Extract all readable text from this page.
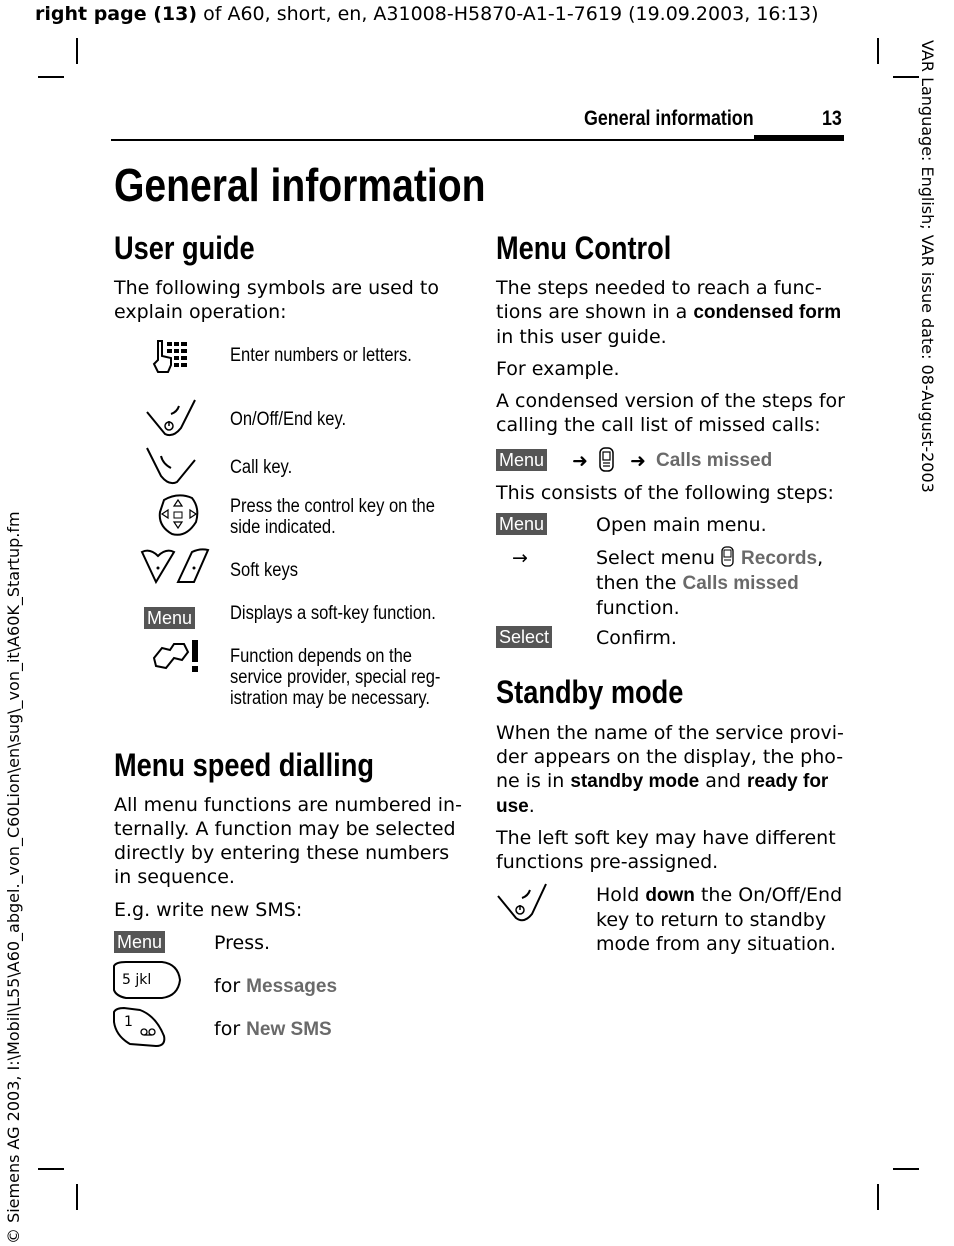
right page (13) of A60, short, en, A31008-H5870-A1-1-7619 (19.09.2003, 16:13)
VAR Language: English; VAR issue date: 08-August-2003
© Siemens AG 2003, I:\Mobil\L55\A60_abgel._von_C60Lion\en\sug\_von_it\A60K_Startup.fm
General information	13
General information
User guide
The following symbols are used to explain operation:
Enter numbers or letters.
On/Off/End key.
Call key.
Press the control key on the
side indicated.
Soft keys
Menu Displays a soft-key function.
Function depends on the
service provider, special reg-
istration may be necessary.
Menu speed dialling
All menu functions are numbered in-
ternally. A function may be selected
directly by entering these numbers
in sequence.
E.g. write new SMS:
Menu	Press.
5 jkl	for Messages
1	for New SMS
Menu Control
The steps needed to reach a func-
tions are shown in a condensed form
in this user guide.
For example.
A condensed version of the steps for
calling the call list of missed calls:
Menu ➜ ➜ Calls missed
This consists of the following steps:
Menu	Open main menu.
→	Select menu Records,
then the Calls missed
function.
Select Confirm.
Standby mode
When the name of the service provi-
der appears on the display, the pho-
ne is in standby mode and ready for
use.
The left soft key may have different
functions pre-assigned.
Hold down the On/Off/End
key to return to standby
mode from any situation.
